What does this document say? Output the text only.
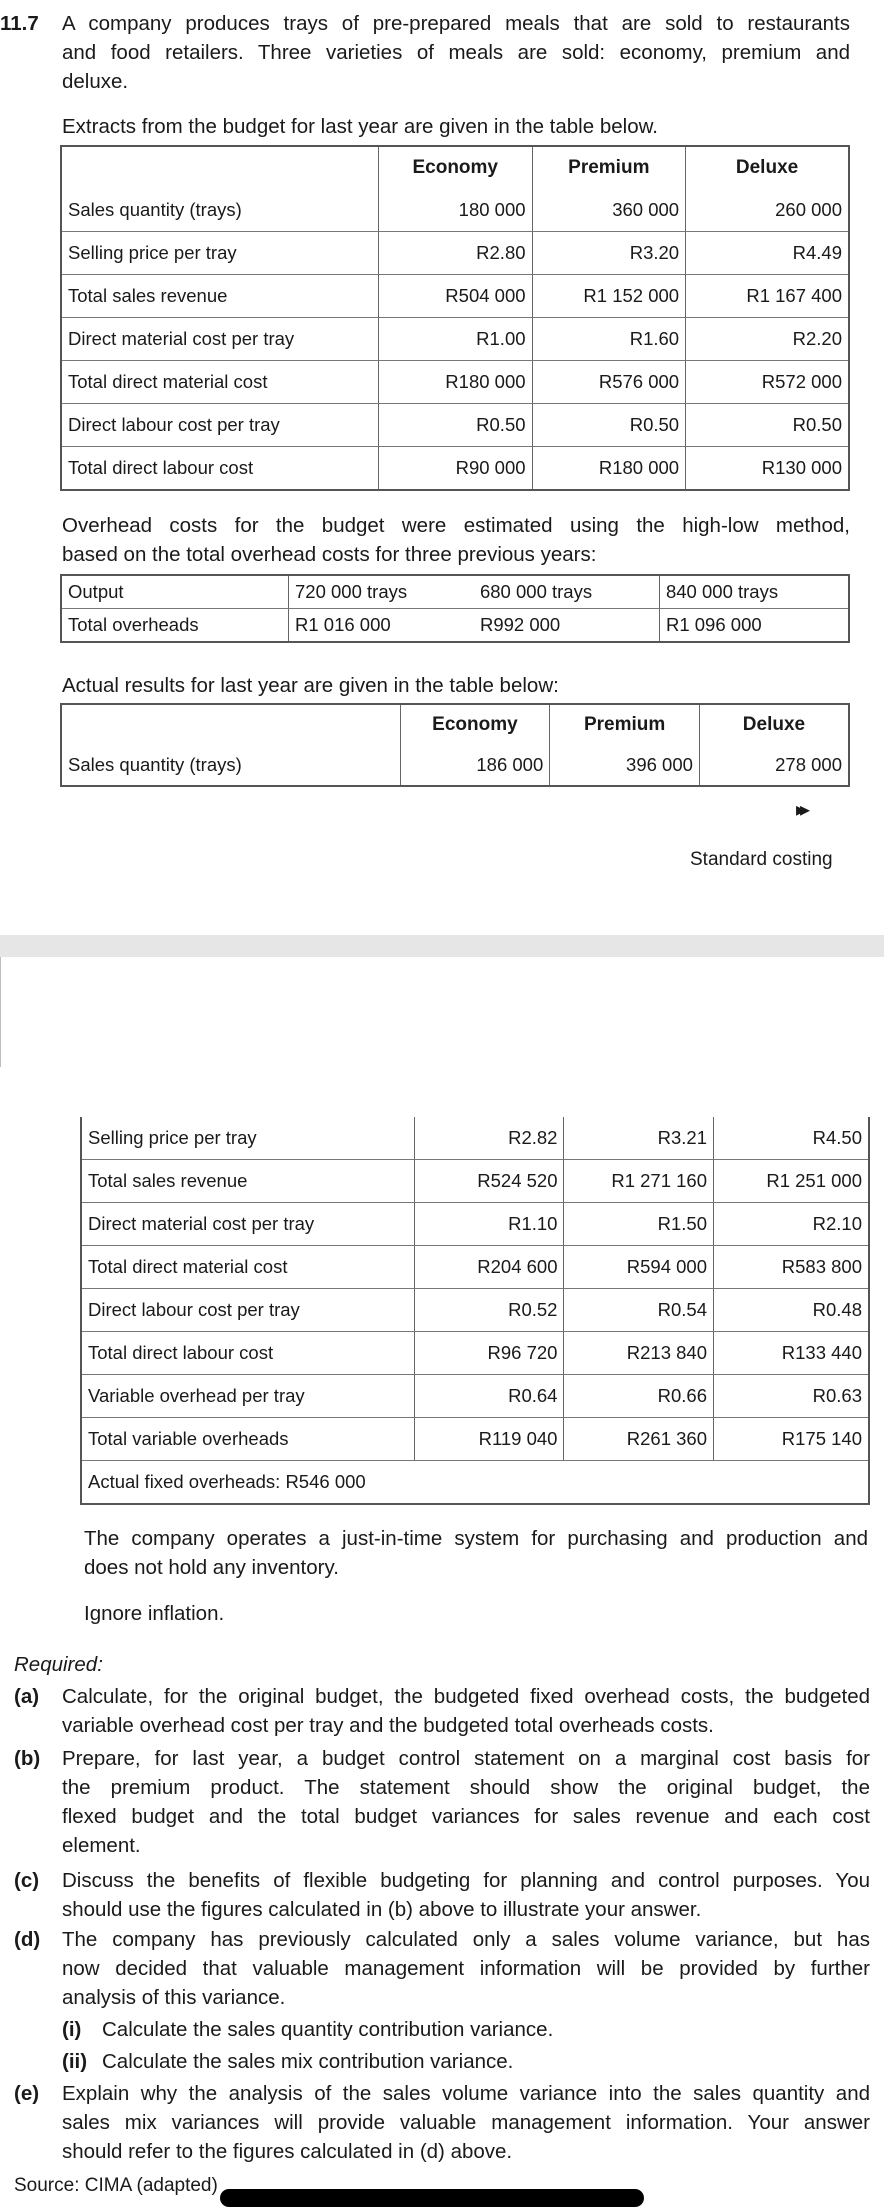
11.7 A company produces trays of pre-prepared meals that are sold to restaurants
and food retailers. Three varieties of meals are sold: economy, premium and
deluxe.
Extracts from the budget for last year are given in the table below.
	Economy	Premium	Deluxe
Sales quantity (trays)	180 000	360 000	260 000
Selling price per tray	R2.80	R3.20	R4.49
Total sales revenue	R504 000	R1 152 000	R1 167 400
Direct material cost per tray	R1.00	R1.60	R2.20
Total direct material cost	R180 000	R576 000	R572 000
Direct labour cost per tray	R0.50	R0.50	R0.50
Total direct labour cost	R90 000	R180 000	R130 000
Overhead costs for the budget were estimated using the high-low method,
based on the total overhead costs for three previous years:
Output	720 000 trays	680 000 trays	840 000 trays
Total overheads	R1 016 000	R992 000	R1 096 000
Actual results for last year are given in the table below:
	Economy	Premium	Deluxe
Sales quantity (trays)	186 000	396 000	278 000
▸▸
Standard costing
Selling price per tray	R2.82	R3.21	R4.50
Total sales revenue	R524 520	R1 271 160	R1 251 000
Direct material cost per tray	R1.10	R1.50	R2.10
Total direct material cost	R204 600	R594 000	R583 800
Direct labour cost per tray	R0.52	R0.54	R0.48
Total direct labour cost	R96 720	R213 840	R133 440
Variable overhead per tray	R0.64	R0.66	R0.63
Total variable overheads	R119 040	R261 360	R175 140
Actual fixed overheads: R546 000			
The company operates a just-in-time system for purchasing and production and
does not hold any inventory.
Ignore inflation.
Required:
(a) Calculate, for the original budget, the budgeted fixed overhead costs, the budgeted
variable overhead cost per tray and the budgeted total overheads costs.
(b) Prepare, for last year, a budget control statement on a marginal cost basis for
the premium product. The statement should show the original budget, the
flexed budget and the total budget variances for sales revenue and each cost
element.
(c) Discuss the benefits of flexible budgeting for planning and control purposes. You
should use the figures calculated in (b) above to illustrate your answer.
(d) The company has previously calculated only a sales volume variance, but has
now decided that valuable management information will be provided by further
analysis of this variance.
(i) Calculate the sales quantity contribution variance.
(ii) Calculate the sales mix contribution variance.
(e) Explain why the analysis of the sales volume variance into the sales quantity and
sales mix variances will provide valuable management information. Your answer
should refer to the figures calculated in (d) above.
Source: CIMA (adapted)
